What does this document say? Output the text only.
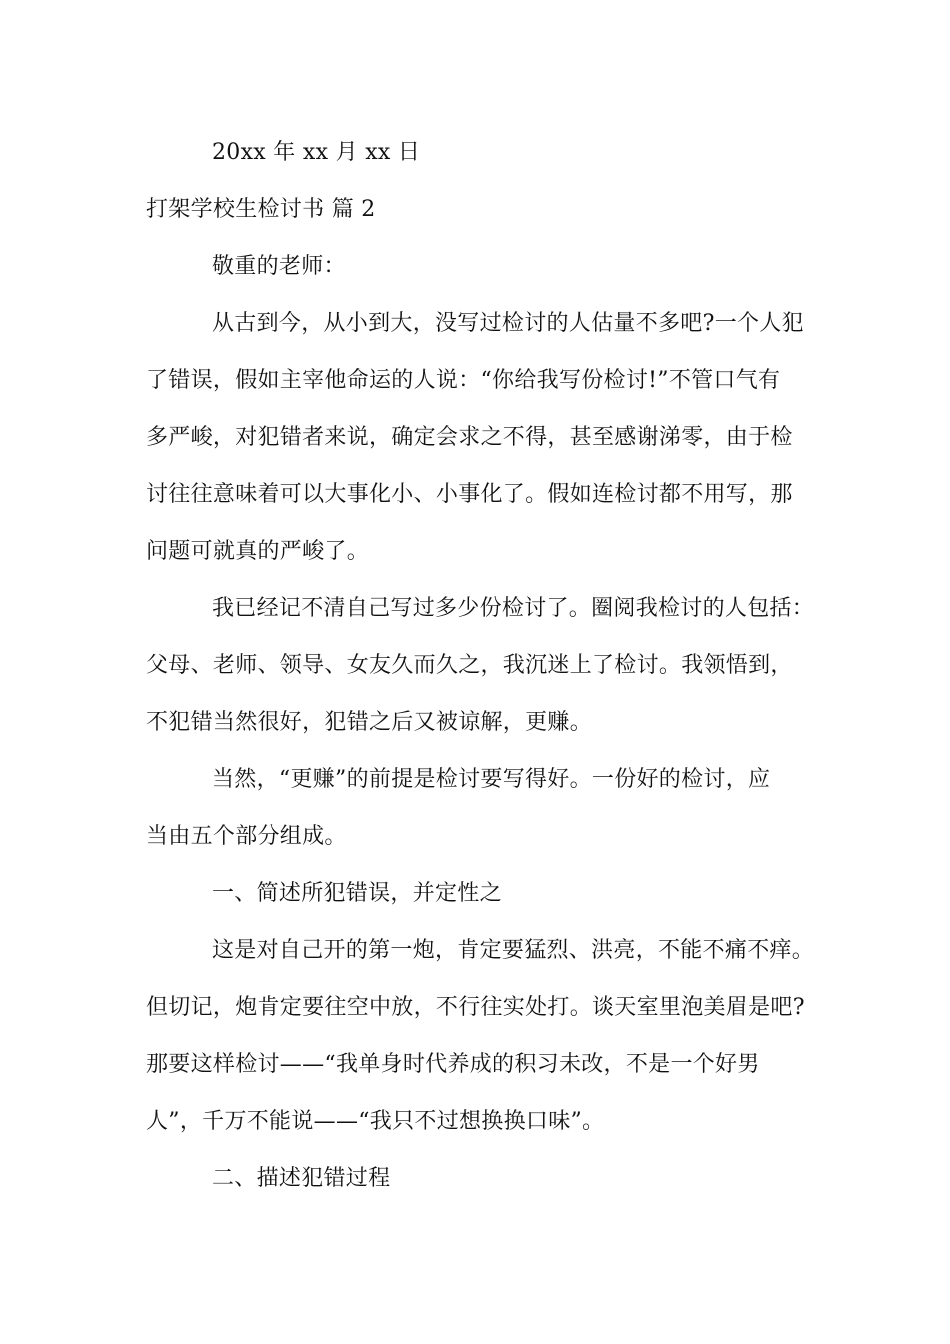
20xx 年 xx 月 xx 日
打架学校生检讨书 篇 2
敬重的老师：
从古到今，从小到大，没写过检讨的人估量不多吧?一个人犯
了错误，假如主宰他命运的人说：“你给我写份检讨!”不管口气有
多严峻，对犯错者来说，确定会求之不得，甚至感谢涕零，由于检
讨往往意味着可以大事化小、小事化了。假如连检讨都不用写，那
问题可就真的严峻了。
我已经记不清自己写过多少份检讨了。圈阅我检讨的人包括：
父母、老师、领导、女友久而久之，我沉迷上了检讨。我领悟到，
不犯错当然很好，犯错之后又被谅解，更赚。
当然，“更赚”的前提是检讨要写得好。一份好的检讨，应
当由五个部分组成。
一、简述所犯错误，并定性之
这是对自己开的第一炮，肯定要猛烈、洪亮，不能不痛不痒。
但切记，炮肯定要往空中放，不行往实处打。谈天室里泡美眉是吧?
那要这样检讨——“我单身时代养成的积习未改，不是一个好男
人”，千万不能说——“我只不过想换换口味”。
二、描述犯错过程
